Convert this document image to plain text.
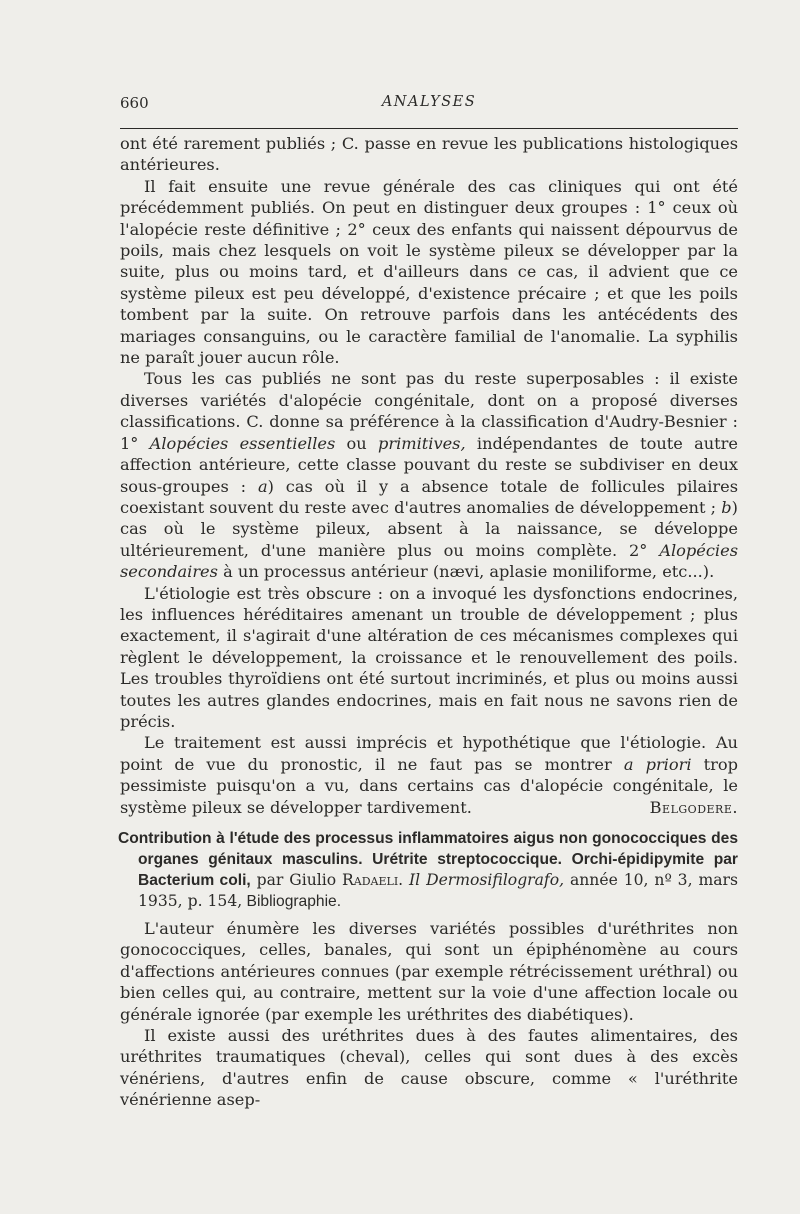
660	ANALYSES

ont été rarement publiés ; C. passe en revue les publications histologiques antérieures.

Il fait ensuite une revue générale des cas cliniques qui ont été précédemment publiés. On peut en distinguer deux groupes : 1° ceux où l'alopécie reste définitive ; 2° ceux des enfants qui naissent dépourvus de poils, mais chez lesquels on voit le système pileux se développer par la suite, plus ou moins tard, et d'ailleurs dans ce cas, il advient que ce système pileux est peu développé, d'existence précaire ; et que les poils tombent par la suite. On retrouve parfois dans les antécédents des mariages consanguins, ou le caractère familial de l'anomalie. La syphilis ne paraît jouer aucun rôle.

Tous les cas publiés ne sont pas du reste superposables : il existe diverses variétés d'alopécie congénitale, dont on a proposé diverses classifications. C. donne sa préférence à la classification d'Audry-Besnier : 1° Alopécies essentielles ou primitives, indépendantes de toute autre affection antérieure, cette classe pouvant du reste se subdiviser en deux sous-groupes : a) cas où il y a absence totale de follicules pilaires coexistant souvent du reste avec d'autres anomalies de développement ; b) cas où le système pileux, absent à la naissance, se développe ultérieurement, d'une manière plus ou moins complète. 2° Alopécies secondaires à un processus antérieur (nævi, aplasie moniliforme, etc...).

L'étiologie est très obscure : on a invoqué les dysfonctions endocrines, les influences héréditaires amenant un trouble de développement ; plus exactement, il s'agirait d'une altération de ces mécanismes complexes qui règlent le développement, la croissance et le renouvellement des poils. Les troubles thyroïdiens ont été surtout incriminés, et plus ou moins aussi toutes les autres glandes endocrines, mais en fait nous ne savons rien de précis.

Le traitement est aussi imprécis et hypothétique que l'étiologie. Au point de vue du pronostic, il ne faut pas se montrer a priori trop pessimiste puisqu'on a vu, dans certains cas d'alopécie congénitale, le système pileux se développer tardivement.	Belgodere.

Contribution à l'étude des processus inflammatoires aigus non gonococciques des organes génitaux masculins. Urétrite streptococcique. Orchi-épidipymite par Bacterium coli, par Giulio Radaeli. Il Dermosifilografo, année 10, nº 3, mars 1935, p. 154, Bibliographie.

L'auteur énumère les diverses variétés possibles d'uréthrites non gonococciques, celles, banales, qui sont un épiphénomène au cours d'affections antérieures connues (par exemple rétrécissement uréthral) ou bien celles qui, au contraire, mettent sur la voie d'une affection locale ou générale ignorée (par exemple les uréthrites des diabétiques).

Il existe aussi des uréthrites dues à des fautes alimentaires, des uréthrites traumatiques (cheval), celles qui sont dues à des excès vénériens, d'autres enfin de cause obscure, comme « l'uréthrite vénérienne asep-
